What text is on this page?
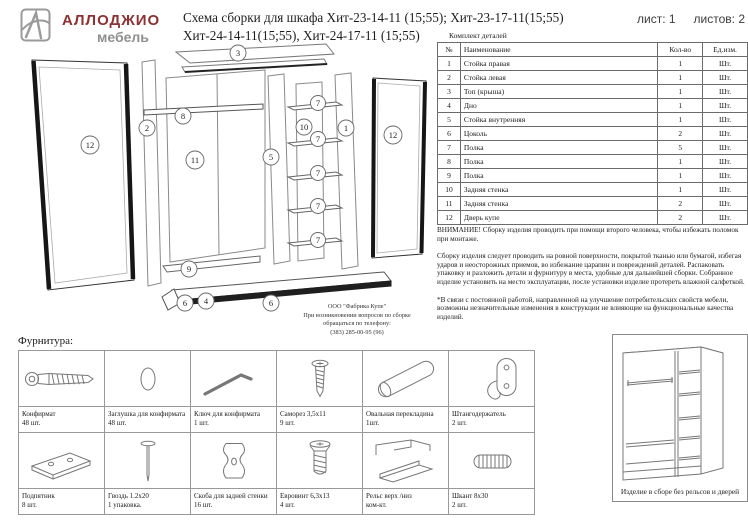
АЛЛОДЖИО
мебель
Схема сборки для шкафа Хит-23-14-11 (15;55); Хит-23-17-11(15;55)
Хит-24-14-11(15;55), Хит-24-17-11 (15;55)
лист: 1 листов: 2
3
8
2
12
11	5
10
7
7
7
7
7
1
12
9
6 4	6	ООО "Фабрика Купе"
При возникновении вопросов по сборке
обращаться по телефону:
(383) 285-00-95 (96)
Комплект деталей
№	Наименование	Кол-во	Ед.изм.
1	Стойка правая	1	Шт.
2	Стойка левая	1	Шт.
3	Топ (крыша)	1	Шт.
4	Дно	1	Шт.
5	Стойка внутренняя	1	Шт.
6	Цоколь	2	Шт.
7	Полка	5	Шт.
8	Полка	1	Шт.
9	Полка	1	Шт.
10	Задняя стенка	1	Шт.
11	Задняя стенка	2	Шт.
12	Дверь купе	2	Шт.

ВНИМАНИЕ! Сборку изделия проводить при помощи второго человека, чтобы избежать поломок при монтаже.

Сборку изделия следует проводить на ровной поверхности, покрытой тканью или бумагой, избегая ударов и неосторожных приемов, во избежание царапин и повреждений деталей. Распаковать упаковку и разложить детали и фурнитуру в места, удобные для дальнейшей сборки. Собранное изделие установить на место эксплуатации, после установки изделие протереть влажной салфеткой.

*В связи с постоянной работой, направленной на улучшение потребительских свойств мебели, возможны незначительные изменения в конструкции не влияющие на функциональные качества изделий.

Фурнитура:
Конфирмат
48 шт.
Заглушка для конфирмата
48 шт.
Ключ для конфирмата
1 шт.
Саморез 3,5х11
9 шт.
Овальная перекладина
1шт.
Штангодержатель
2 шт.
Подпятник
8 шт.
Гвоздь 1.2х20
1 упаковка.
Скоба для задней стенки
16 шт.
Евровинт 6,3х13
4 шт.
Рельс верх /низ
ком-кт.
Шкант 8х30
2 шт.
Изделие в сборе без рельсов и дверей
